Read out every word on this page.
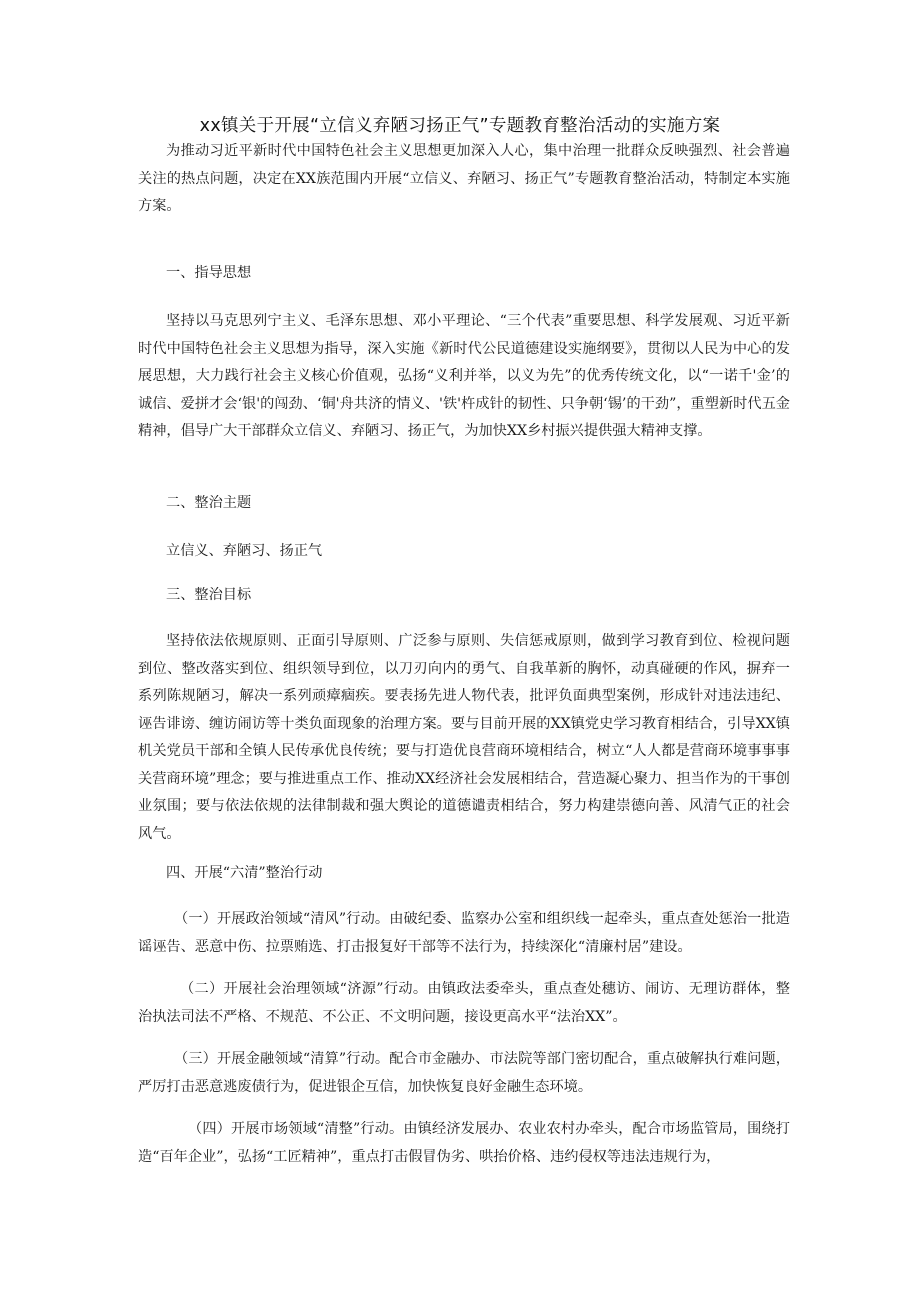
xx镇关于开展“立信义弃陋习扬正气”专题教育整治活动的实施方案

为推动习近平新时代中国特色社会主义思想更加深入人心，集中治理一批群众反映强烈、社会普遍关注的热点问题，决定在XX族范围内开展“立信义、弃陋习、扬正气”专题教育整治活动，特制定本实施方案。

一、指导思想

坚持以马克思列宁主义、毛泽东思想、邓小平理论、“三个代表”重要思想、科学发展观、习近平新时代中国特色社会主义思想为指导，深入实施《新时代公民道德建设实施纲要》，贯彻以人民为中心的发展思想，大力践行社会主义核心价值观，弘扬“义利并举，以义为先”的优秀传统文化，以“一诺千'金’的诚信、爱拼才会‘银'的闯劲、‘铜'舟共济的情义、'铁'杵成针的韧性、只争朝‘锡’的干劲”，重塑新时代五金精神，倡导广大干部群众立信义、弃陋习、扬正气，为加快XX乡村振兴提供强大精神支撑。

二、整治主题

立信义、弃陋习、扬正气

三、整治目标

坚持依法依规原则、正面引导原则、广泛参与原则、失信惩戒原则，做到学习教育到位、检视问题到位、整改落实到位、组织领导到位，以刀刃向内的勇气、自我革新的胸怀，动真碰硬的作风，摒弃一系列陈规陋习，解决一系列顽瘴痼疾。要表扬先进人物代表，批评负面典型案例，形成针对违法违纪、诬告诽谤、缠访闹访等十类负面现象的治理方案。要与目前开展的XX镇党史学习教育相结合，引导XX镇机关党员干部和全镇人民传承优良传统；要与打造优良营商环境相结合，树立“人人都是营商环境事事事关营商环境”理念；要与推进重点工作、推动XX经济社会发展相结合，营造凝心聚力、担当作为的干事创业氛围；要与依法依规的法律制裁和强大舆论的道德谴责相结合，努力构建崇德向善、风清气正的社会风气。

四、开展“六清”整治行动

（一）开展政治领域“清风”行动。由破纪委、监察办公室和组织线一起牵头，重点查处惩治一批造谣诬告、恶意中伤、拉票贿选、打击报复好干部等不法行为，持续深化“清廉村居”建设。

（二）开展社会治理领域“济源”行动。由镇政法委牵头，重点查处穗访、闹访、无理访群体，整治执法司法不严格、不规范、不公正、不文明问题，接设更高水平“法治XX”。

（三）开展金融领域“清算”行动。配合市金融办、市法院等部门密切配合，重点破解执行难问题，严厉打击恶意逃废债行为，促进银企互信，加快恢复良好金融生态环境。

（四）开展市场领域“清整”行动。由镇经济发展办、农业农村办牵头，配合市场监管局，围绕打造“百年企业”，弘扬“工匠精神”，重点打击假冒伪劣、哄抬价格、违约侵权等违法违规行为，
